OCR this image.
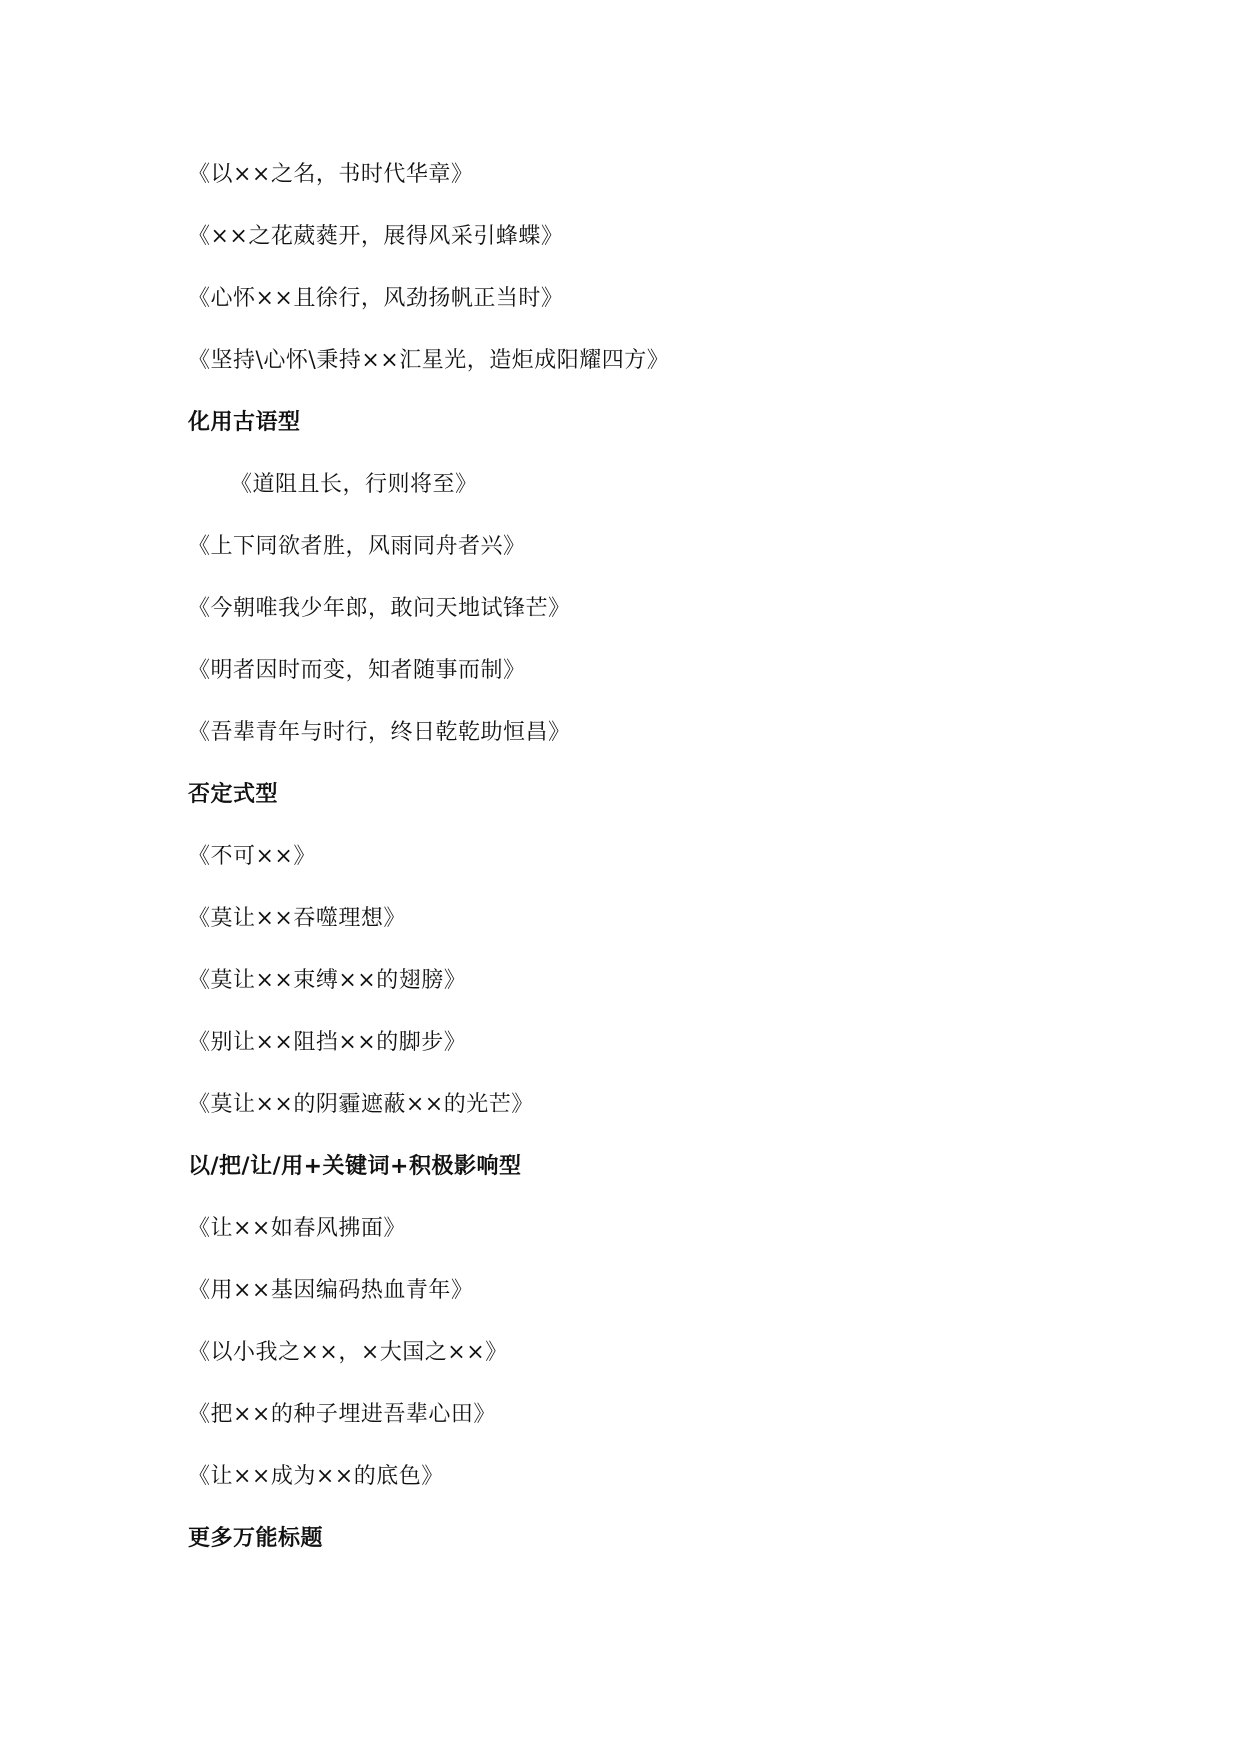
《以××之名，书时代华章》
《××之花葳蕤开，展得风采引蜂蝶》
《心怀××且徐行，风劲扬帆正当时》
《坚持\心怀\秉持××汇星光，造炬成阳耀四方》
化用古语型
《道阻且长，行则将至》
《上下同欲者胜，风雨同舟者兴》
《今朝唯我少年郎，敢问天地试锋芒》
《明者因时而变，知者随事而制》
《吾辈青年与时行，终日乾乾助恒昌》
否定式型
《不可××》
《莫让××吞噬理想》
《莫让××束缚××的翅膀》
《别让××阻挡××的脚步》
《莫让××的阴霾遮蔽××的光芒》
以/把/让/用+关键词+积极影响型
《让××如春风拂面》
《用××基因编码热血青年》
《以小我之××，×大国之××》
《把××的种子埋进吾辈心田》
《让××成为××的底色》
更多万能标题
